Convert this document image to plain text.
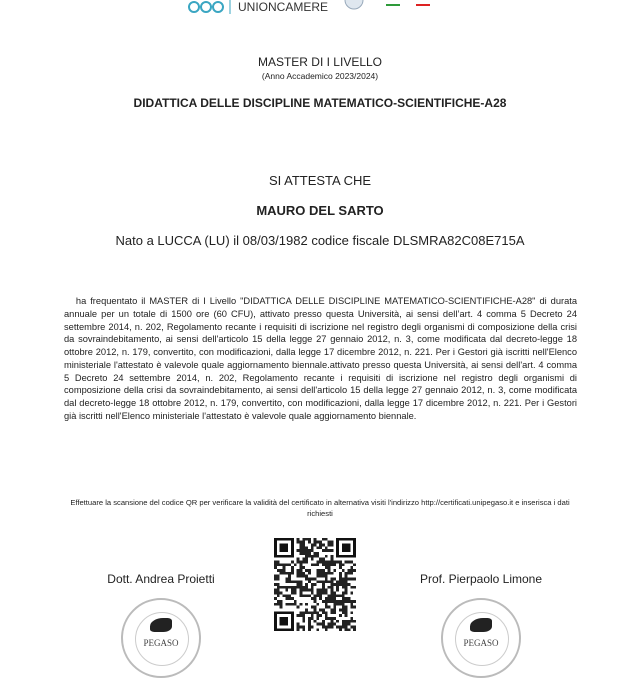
UNIONCAMERE
MASTER DI I LIVELLO
(Anno Accademico 2023/2024)
DIDATTICA DELLE DISCIPLINE MATEMATICO-SCIENTIFICHE-A28
SI ATTESTA CHE
MAURO DEL SARTO
Nato a LUCCA (LU) il 08/03/1982 codice fiscale DLSMRA82C08E715A
ha frequentato il MASTER di I Livello "DIDATTICA DELLE DISCIPLINE MATEMATICO-SCIENTIFICHE-A28" di durata annuale per un totale di 1500 ore (60 CFU), attivato presso questa Università, ai sensi dell’art. 4 comma 5 Decreto 24 settembre 2014, n. 202, Regolamento recante i requisiti di iscrizione nel registro degli organismi di composizione della crisi da sovraindebitamento, ai sensi dell'articolo 15 della legge 27 gennaio 2012, n. 3, come modificata dal decreto-legge 18 ottobre 2012, n. 179, convertito, con modificazioni, dalla legge 17 dicembre 2012, n. 221. Per i Gestori già iscritti nell'Elenco ministeriale l'attestato è valevole quale aggiornamento biennale.attivato presso questa Università, ai sensi dell'art. 4 comma 5 Decreto 24 settembre 2014, n. 202, Regolamento recante i requisiti di iscrizione nel registro degli organismi di composizione della crisi da sovraindebitamento, ai sensi dell'articolo 15 della legge 27 gennaio 2012, n. 3, come modificata dal decreto-legge 18 ottobre 2012, n. 179, convertito, con modificazioni, dalla legge 17 dicembre 2012, n. 221. Per i Gestori già iscritti nell'Elenco ministeriale l'attestato è valevole quale aggiornamento biennale.
Effettuare la scansione del codice QR per verificare la validità del certificato in alternativa visiti l'indirizzo http://certificati.unipegaso.it e inserisca i dati richiesti
Dott. Andrea Proietti	Prof. Pierpaolo Limone
PEGASO	PEGASO
